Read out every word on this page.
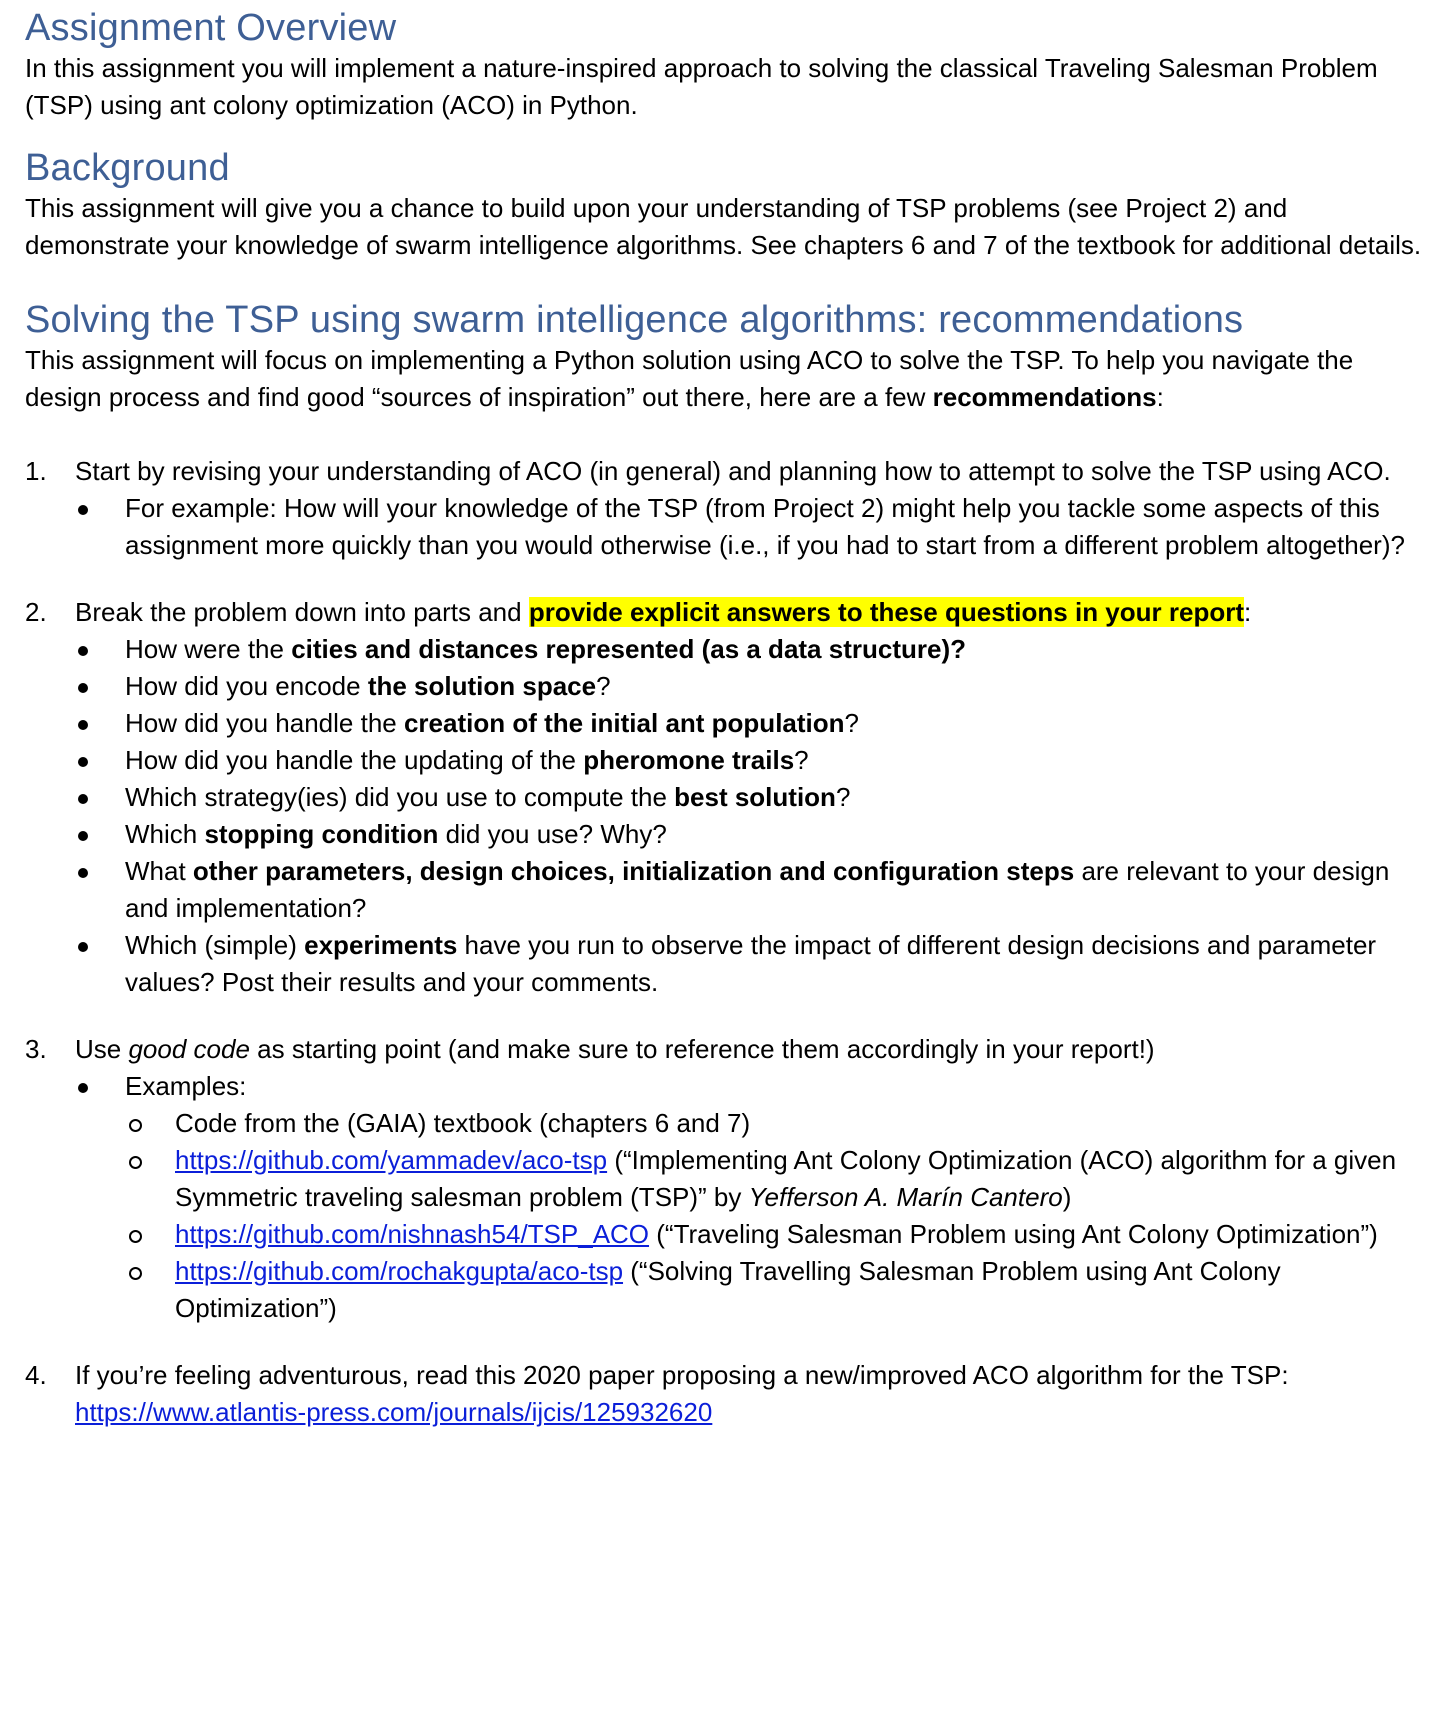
Assignment Overview

In this assignment you will implement a nature-inspired approach to solving the classical Traveling Salesman Problem (TSP) using ant colony optimization (ACO) in Python.

Background

This assignment will give you a chance to build upon your understanding of TSP problems (see Project 2) and demonstrate your knowledge of swarm intelligence algorithms. See chapters 6 and 7 of the textbook for additional details.

Solving the TSP using swarm intelligence algorithms: recommendations

This assignment will focus on implementing a Python solution using ACO to solve the TSP. To help you navigate the design process and find good “sources of inspiration” out there, here are a few recommendations:

1.	Start by revising your understanding of ACO (in general) and planning how to attempt to solve the TSP using ACO.
For example: How will your knowledge of the TSP (from Project 2) might help you tackle some aspects of this assignment more quickly than you would otherwise (i.e., if you had to start from a different problem altogether)?
2.	Break the problem down into parts and provide explicit answers to these questions in your report:
How were the cities and distances represented (as a data structure)?
How did you encode the solution space?
How did you handle the creation of the initial ant population?
How did you handle the updating of the pheromone trails?
Which strategy(ies) did you use to compute the best solution?
Which stopping condition did you use? Why?
What other parameters, design choices, initialization and configuration steps are relevant to your design and implementation?
Which (simple) experiments have you run to observe the impact of different design decisions and parameter values? Post their results and your comments.
3.	Use good code as starting point (and make sure to reference them accordingly in your report!)
Examples:
Code from the (GAIA) textbook (chapters 6 and 7)
https://github.com/yammadev/aco-tsp (“Implementing Ant Colony Optimization (ACO) algorithm for a given Symmetric traveling salesman problem (TSP)” by Yefferson A. Marín Cantero)
https://github.com/nishnash54/TSP_ACO (“Traveling Salesman Problem using Ant Colony Optimization”)
https://github.com/rochakgupta/aco-tsp (“Solving Travelling Salesman Problem using Ant Colony Optimization”)
4.	If you’re feeling adventurous, read this 2020 paper proposing a new/improved ACO algorithm for the TSP:
https://www.atlantis-press.com/journals/ijcis/125932620
